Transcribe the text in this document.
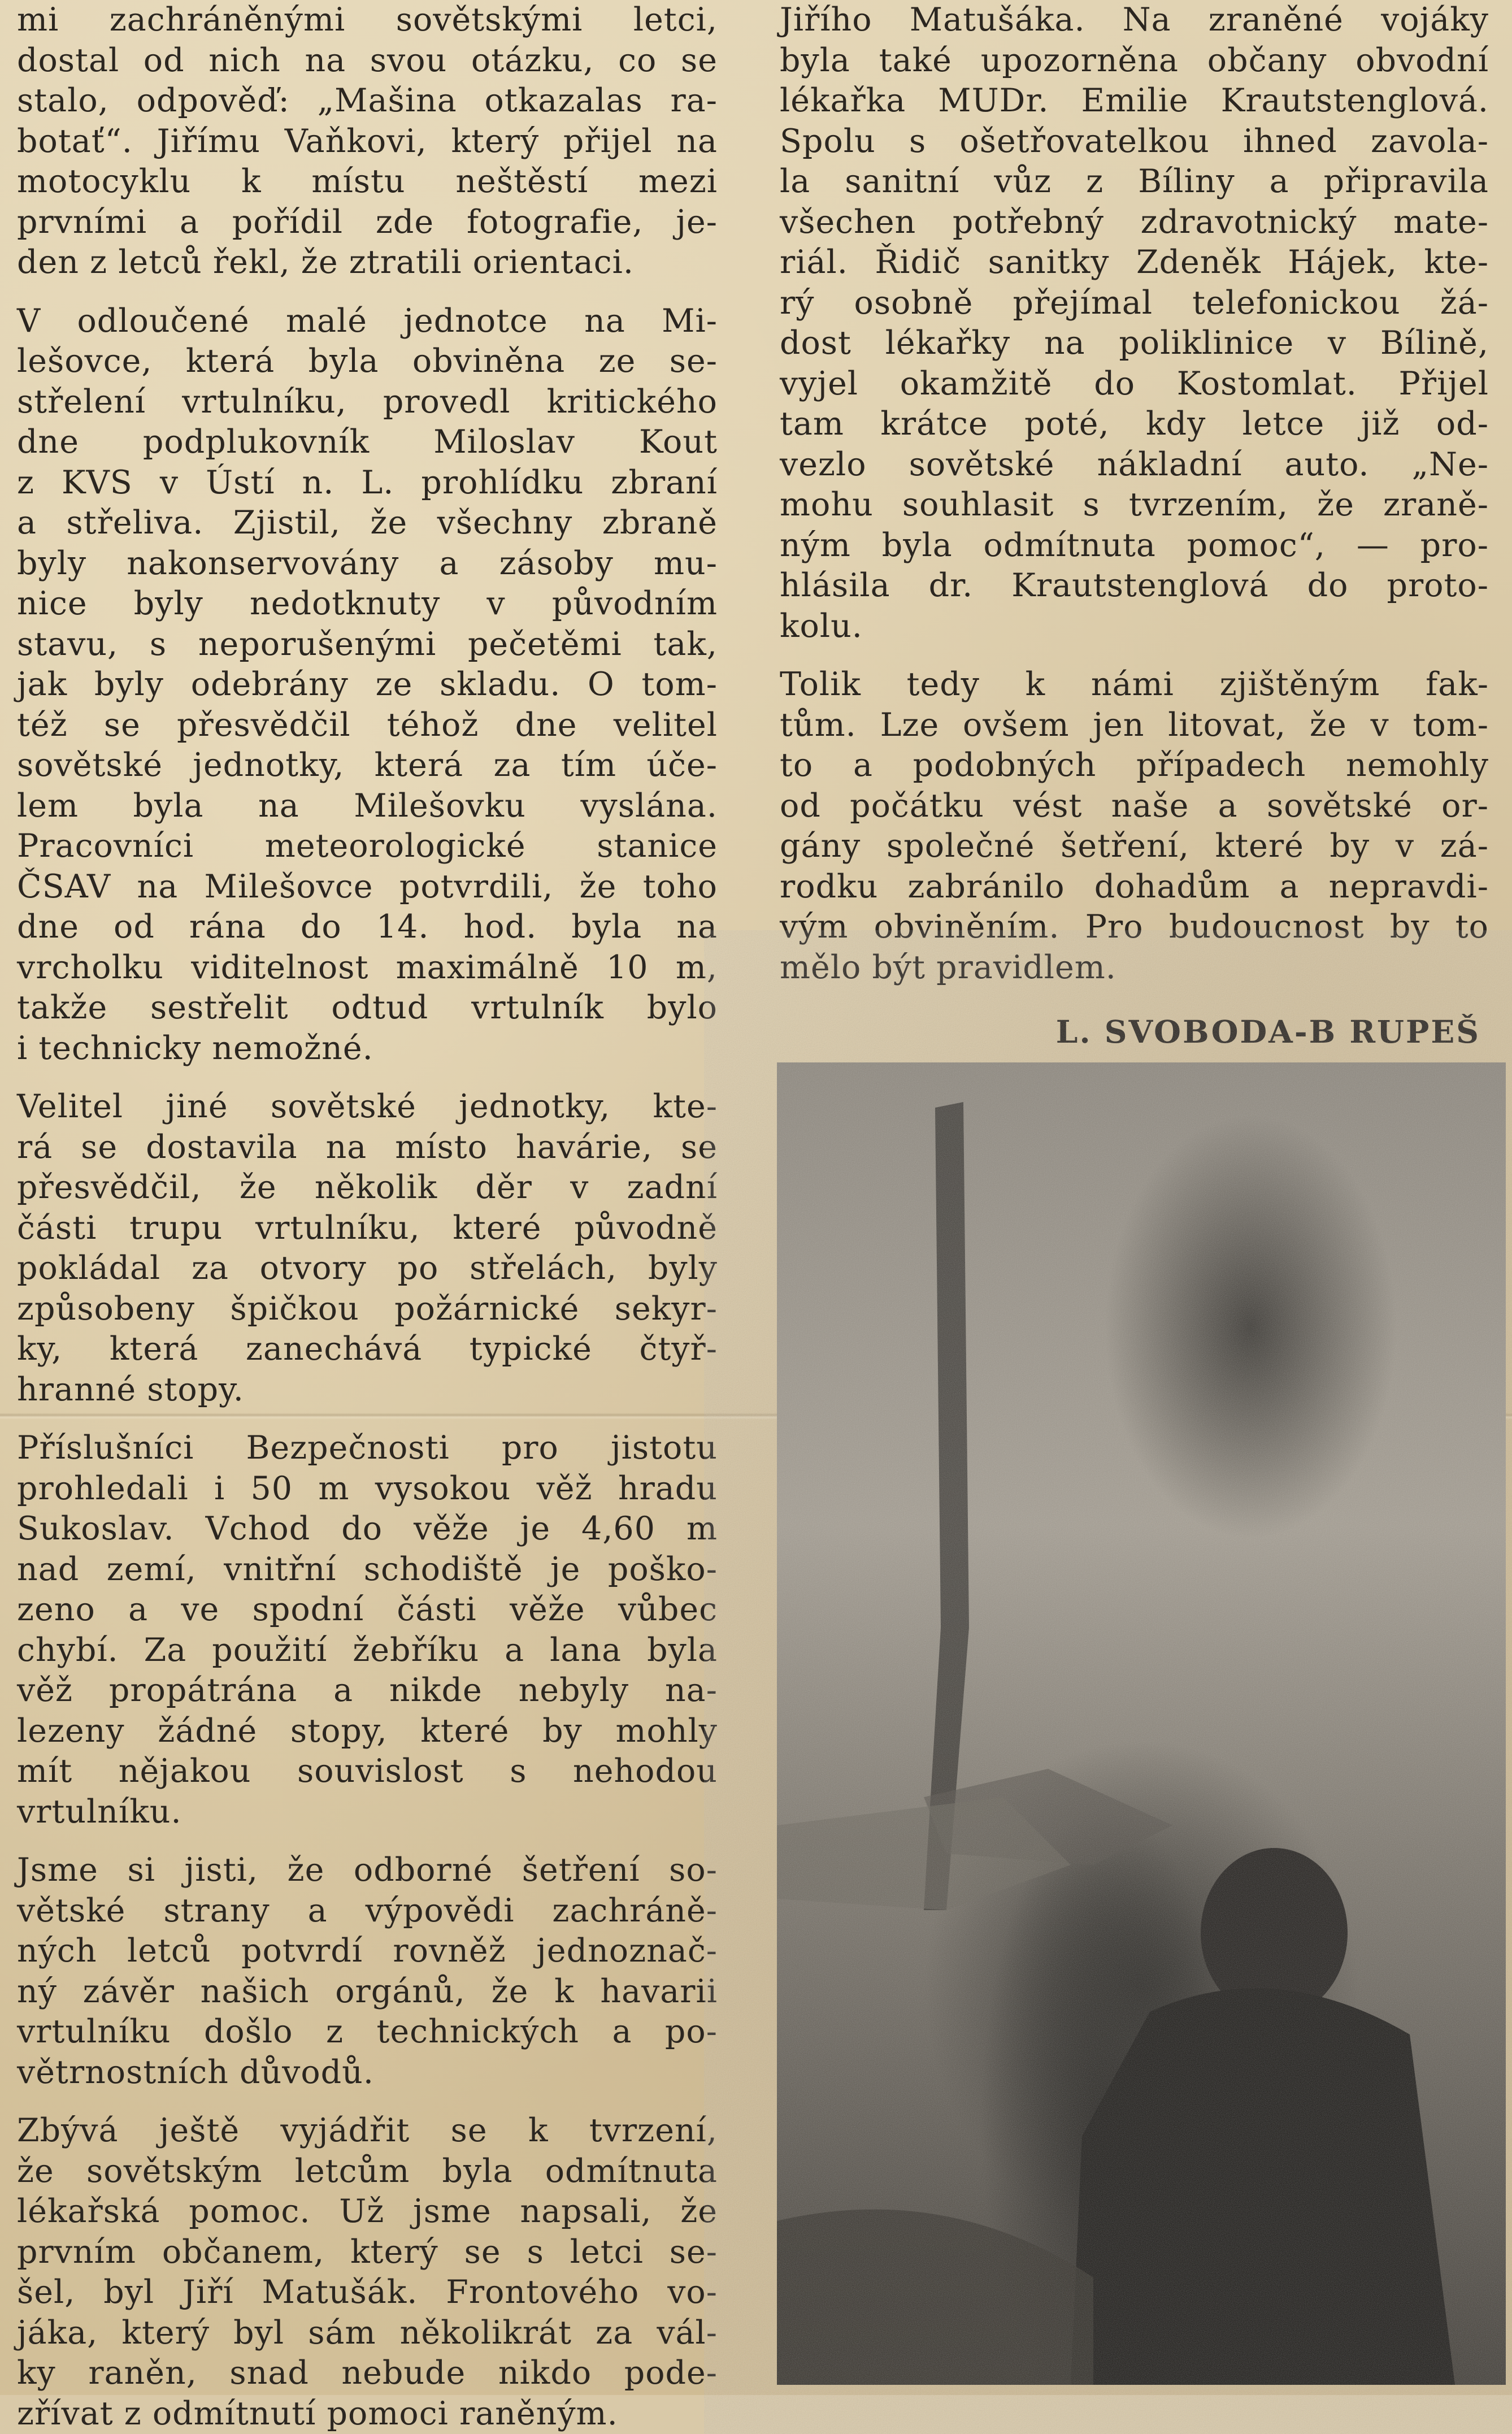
mi zachráněnými sovětskými letci,
dostal od nich na svou otázku, co se
stalo, odpověď: „Mašina otkazalas ra-
botať“. Jiřímu Vaňkovi, který přijel na
motocyklu k místu neštěstí mezi
prvními a pořídil zde fotografie, je-
den z letců řekl, že ztratili orientaci.
V odloučené malé jednotce na Mi-
lešovce, která byla obviněna ze se-
střelení vrtulníku, provedl kritického
dne podplukovník Miloslav Kout
z KVS v Ústí n. L. prohlídku zbraní
a střeliva. Zjistil, že všechny zbraně
byly nakonservovány a zásoby mu-
nice byly nedotknuty v původním
stavu, s neporušenými pečetěmi tak,
jak byly odebrány ze skladu. O tom-
též se přesvědčil téhož dne velitel
sovětské jednotky, která za tím úče-
lem byla na Milešovku vyslána.
Pracovníci meteorologické stanice
ČSAV na Milešovce potvrdili, že toho
dne od rána do 14. hod. byla na
vrcholku viditelnost maximálně 10 m,
takže sestřelit odtud vrtulník bylo
i technicky nemožné.
Velitel jiné sovětské jednotky, kte-
rá se dostavila na místo havárie, se
přesvědčil, že několik děr v zadní
části trupu vrtulníku, které původně
pokládal za otvory po střelách, byly
způsobeny špičkou požárnické sekyr-
ky, která zanechává typické čtyř-
hranné stopy.
Příslušníci Bezpečnosti pro jistotu
prohledali i 50 m vysokou věž hradu
Sukoslav. Vchod do věže je 4,60 m
nad zemí, vnitřní schodiště je poško-
zeno a ve spodní části věže vůbec
chybí. Za použití žebříku a lana byla
věž propátrána a nikde nebyly na-
lezeny žádné stopy, které by mohly
mít nějakou souvislost s nehodou
vrtulníku.
Jsme si jisti, že odborné šetření so-
větské strany a výpovědi zachráně-
ných letců potvrdí rovněž jednoznač-
ný závěr našich orgánů, že k havarii
vrtulníku došlo z technických a po-
větrnostních důvodů.
Zbývá ještě vyjádřit se k tvrzení,
že sovětským letcům byla odmítnuta
lékařská pomoc. Už jsme napsali, že
prvním občanem, který se s letci se-
šel, byl Jiří Matušák. Frontového vo-
jáka, který byl sám několikrát za vál-
ky raněn, snad nebude nikdo pode-
zřívat z odmítnutí pomoci raněným.
Jiřího Matušáka. Na zraněné vojáky
byla také upozorněna občany obvodní
lékařka MUDr. Emilie Krautstenglová.
Spolu s ošetřovatelkou ihned zavola-
la sanitní vůz z Bíliny a připravila
všechen potřebný zdravotnický mate-
riál. Řidič sanitky Zdeněk Hájek, kte-
rý osobně přejímal telefonickou žá-
dost lékařky na poliklinice v Bílině,
vyjel okamžitě do Kostomlat. Přijel
tam krátce poté, kdy letce již od-
vezlo sovětské nákladní auto. „Ne-
mohu souhlasit s tvrzením, že zraně-
ným byla odmítnuta pomoc“, — pro-
hlásila dr. Krautstenglová do proto-
kolu.
Tolik tedy k námi zjištěným fak-
tům. Lze ovšem jen litovat, že v tom-
to a podobných případech nemohly
od počátku vést naše a sovětské or-
gány společné šetření, které by v zá-
rodku zabránilo dohadům a nepravdi-
vým obviněním. Pro budoucnost by to
mělo být pravidlem.
L. SVOBODA-B RUPEŠ
